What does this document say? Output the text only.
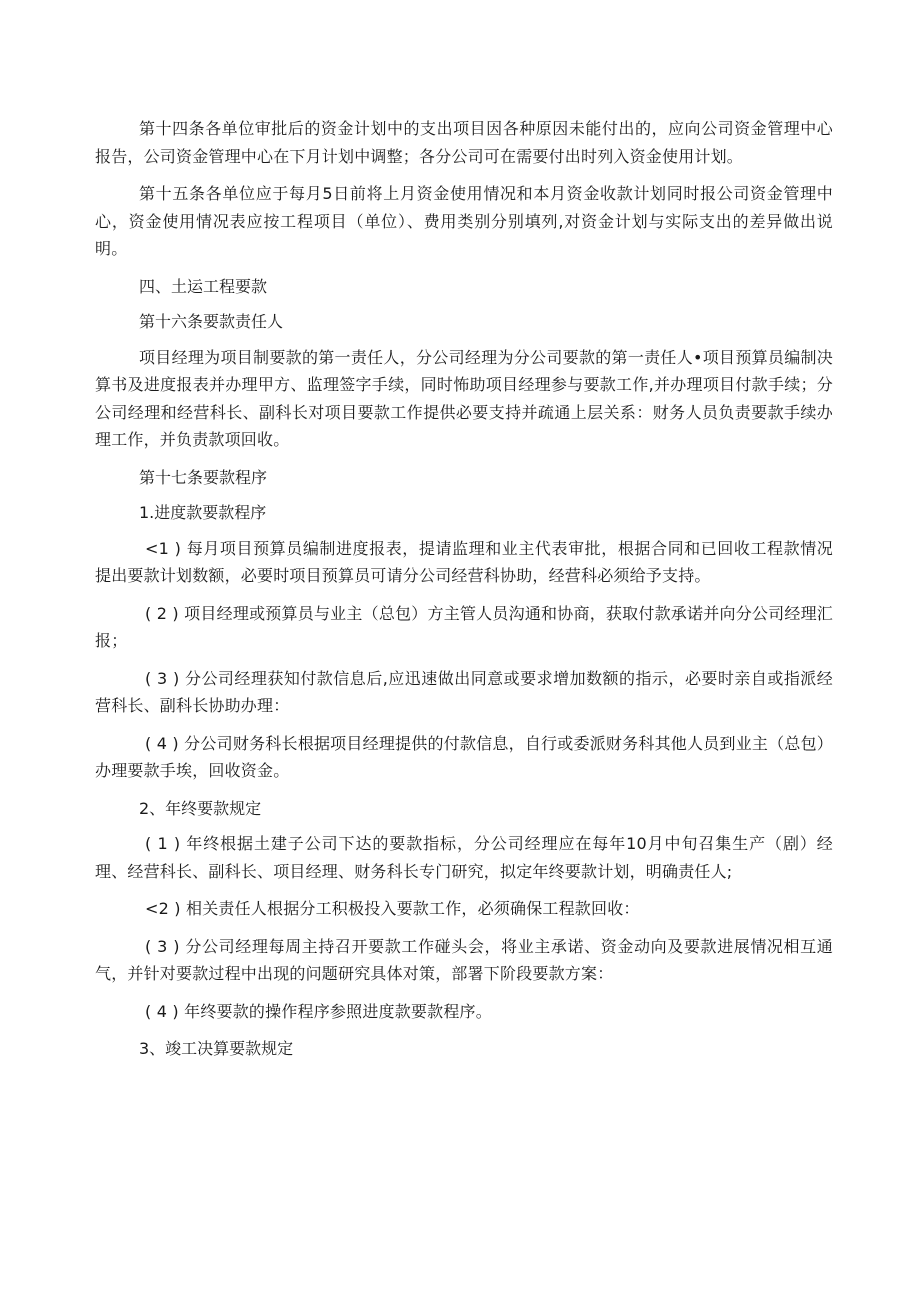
第十四条各单位审批后的资金计划中的支出项目因各种原因未能付出的，应向公司资金管理中心报告，公司资金管理中心在下月计划中调整；各分公司可在需要付出时列入资金使用计划。

第十五条各单位应于每月5日前将上月资金使用情况和本月资金收款计划同时报公司资金管理中心，资金使用情况表应按工程项目（单位）、费用类别分别填列,对资金计划与实际支出的差异做出说明。

四、土运工程要款

第十六条要款责任人

项目经理为项目制要款的第一责任人，分公司经理为分公司要款的第一责任人•项目预算员编制决算书及进度报表并办理甲方、监理签字手续，同时怖助项目经理参与要款工作,并办理项目付款手续；分公司经理和经营科长、副科长对项目要款工作提供必要支持并疏通上层关系：财务人员负责要款手续办理工作，并负责款项回收。

第十七条要款程序

1.进度款要款程序

<1 ) 每月项目预算员编制进度报表，提请监理和业主代表审批，根据合同和已回收工程款情况提出要款计划数额，必要时项目预算员可请分公司经营科协助，经营科必须给予支持。

( 2 ) 项目经理或预算员与业主（总包）方主管人员沟通和协商，获取付款承诺并向分公司经理汇报；

( 3 ) 分公司经理获知付款信息后,应迅速做出同意或要求增加数额的指示，必要时亲自或指派经营科长、副科长协助办理：

( 4 ) 分公司财务科长根据项目经理提供的付款信息，自行或委派财务科其他人员到业主（总包）办理要款手埃，回收资金。

2、年终要款规定

( 1 ) 年终根据土建子公司下达的要款指标，分公司经理应在每年10月中旬召集生产（剧）经理、经营科长、副科长、项目经理、财务科长专门研究，拟定年终要款计划，明确责任人;

<2 ) 相关责任人根据分工积极投入要款工作，必须确保工程款回收：

( 3 ) 分公司经理每周主持召开要款工作碰头会，将业主承诺、资金动向及要款进展情况相互通气，并针对要款过程中出现的问题研究具体对策，部署下阶段要款方案：

( 4 ) 年终要款的操作程序参照进度款要款程序。

3、竣工决算要款规定
